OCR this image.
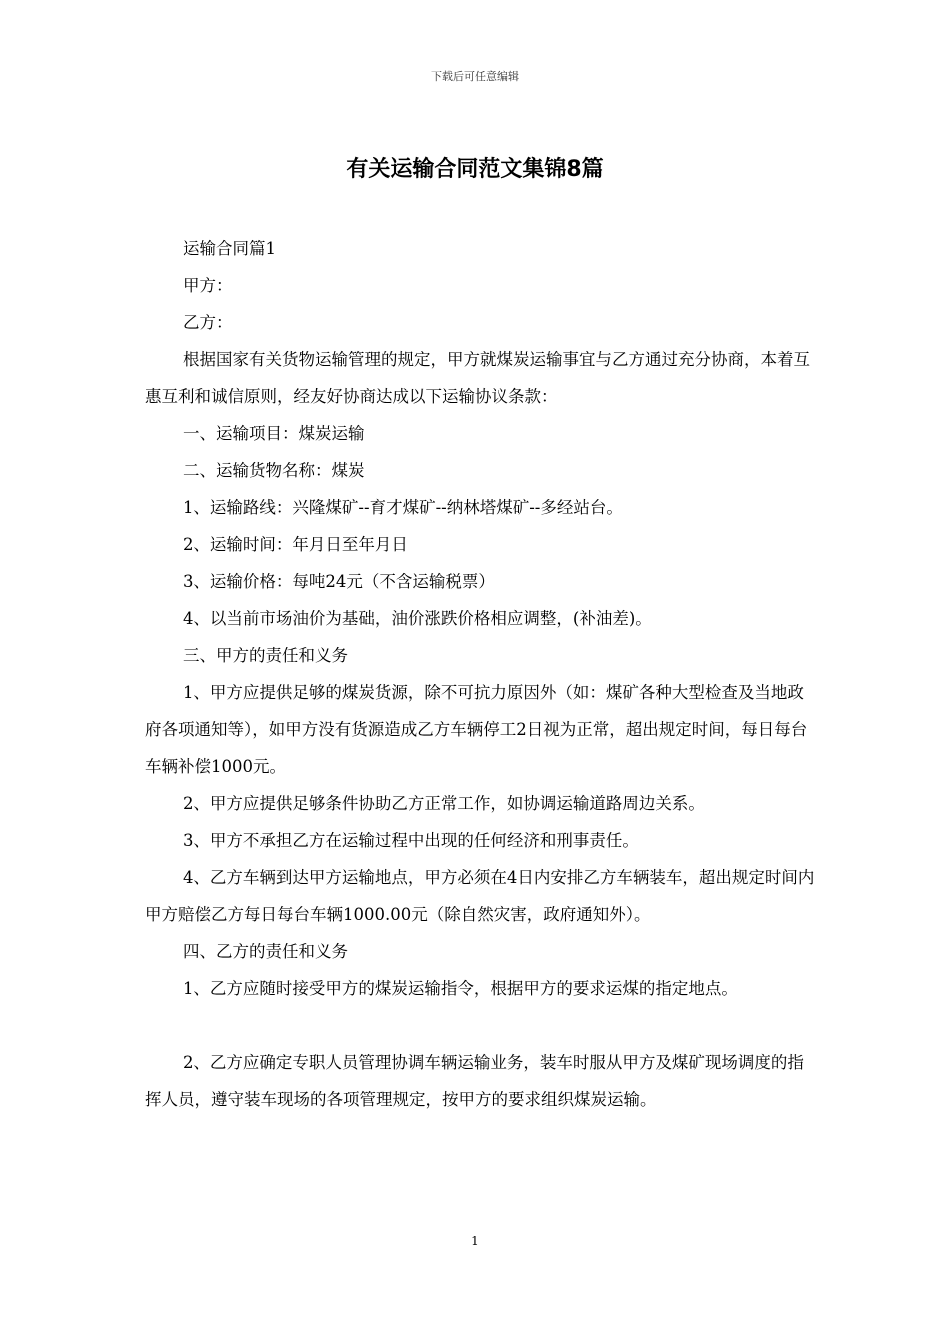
下载后可任意编辑
有关运输合同范文集锦8篇

运输合同篇1

甲方：

乙方：

根据国家有关货物运输管理的规定，甲方就煤炭运输事宜与乙方通过充分协商，本着互惠互利和诚信原则，经友好协商达成以下运输协议条款：

一、运输项目：煤炭运输

二、运输货物名称：煤炭

1、运输路线：兴隆煤矿--育才煤矿--纳林塔煤矿--多经站台。

2、运输时间：年月日至年月日

3、运输价格：每吨24元（不含运输税票）

4、以当前市场油价为基础，油价涨跌价格相应调整，(补油差)。

三、甲方的责任和义务

1、甲方应提供足够的煤炭货源，除不可抗力原因外（如：煤矿各种大型检查及当地政府各项通知等），如甲方没有货源造成乙方车辆停工2日视为正常，超出规定时间，每日每台车辆补偿1000元。

2、甲方应提供足够条件协助乙方正常工作，如协调运输道路周边关系。

3、甲方不承担乙方在运输过程中出现的任何经济和刑事责任。

4、乙方车辆到达甲方运输地点，甲方必须在4日内安排乙方车辆装车，超出规定时间内甲方赔偿乙方每日每台车辆1000.00元（除自然灾害，政府通知外）。

四、乙方的责任和义务

1、乙方应随时接受甲方的煤炭运输指令，根据甲方的要求运煤的指定地点。

2、乙方应确定专职人员管理协调车辆运输业务，装车时服从甲方及煤矿现场调度的指挥人员，遵守装车现场的各项管理规定，按甲方的要求组织煤炭运输。

1
